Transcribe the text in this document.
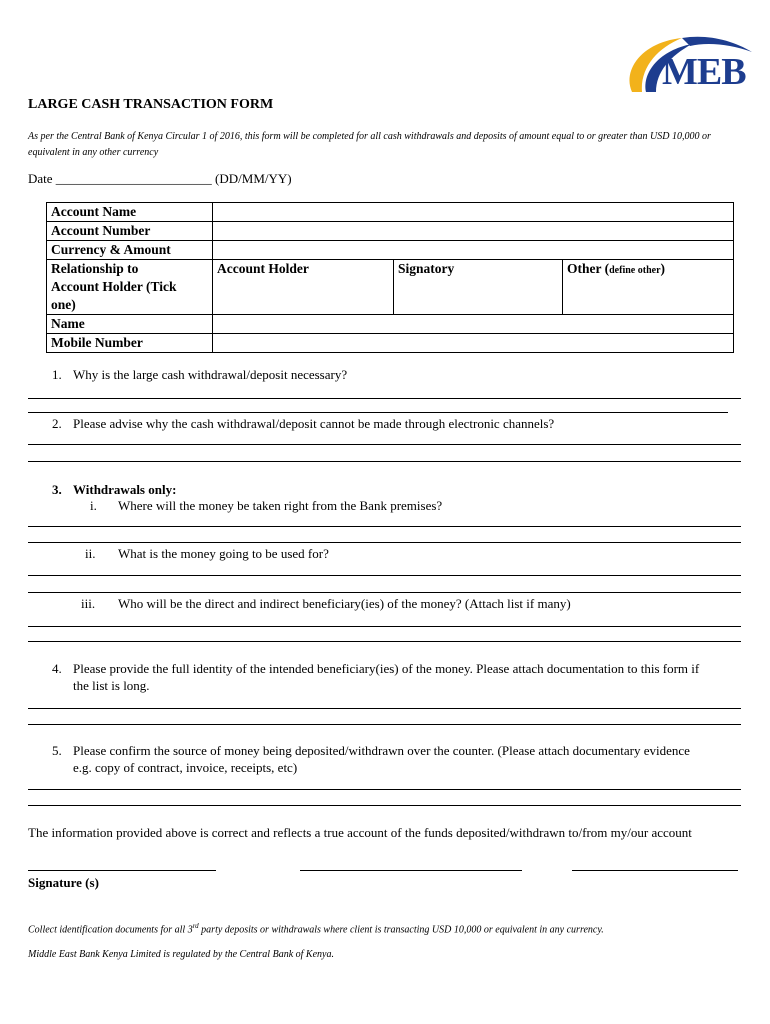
MEB
LARGE CASH TRANSACTION FORM
As per the Central Bank of Kenya Circular 1 of 2016, this form will be completed for all cash withdrawals and deposits of amount equal to or greater than USD 10,000 or equivalent in any other currency
Date ________________________ (DD/MM/YY)
Account Name			
Account Number			
Currency & Amount			

Relationship to
Account Holder (Tick
one)	Account Holder	Signatory	Other (define other)
Name			
Mobile Number			
1. Why is the large cash withdrawal/deposit necessary?
2. Please advise why the cash withdrawal/deposit cannot be made through electronic channels?
3. Withdrawals only:
i. Where will the money be taken right from the Bank premises?
ii. What is the money going to be used for?
iii. Who will be the direct and indirect beneficiary(ies) of the money? (Attach list if many)
4. Please provide the full identity of the intended beneficiary(ies) of the money. Please attach documentation to this form if
the list is long.
5. Please confirm the source of money being deposited/withdrawn over the counter. (Please attach documentary evidence
e.g. copy of contract, invoice, receipts, etc)
The information provided above is correct and reflects a true account of the funds deposited/withdrawn to/from my/our account
Signature (s)
Collect identification documents for all 3rd party deposits or withdrawals where client is transacting USD 10,000 or equivalent in any currency.
Middle East Bank Kenya Limited is regulated by the Central Bank of Kenya.
